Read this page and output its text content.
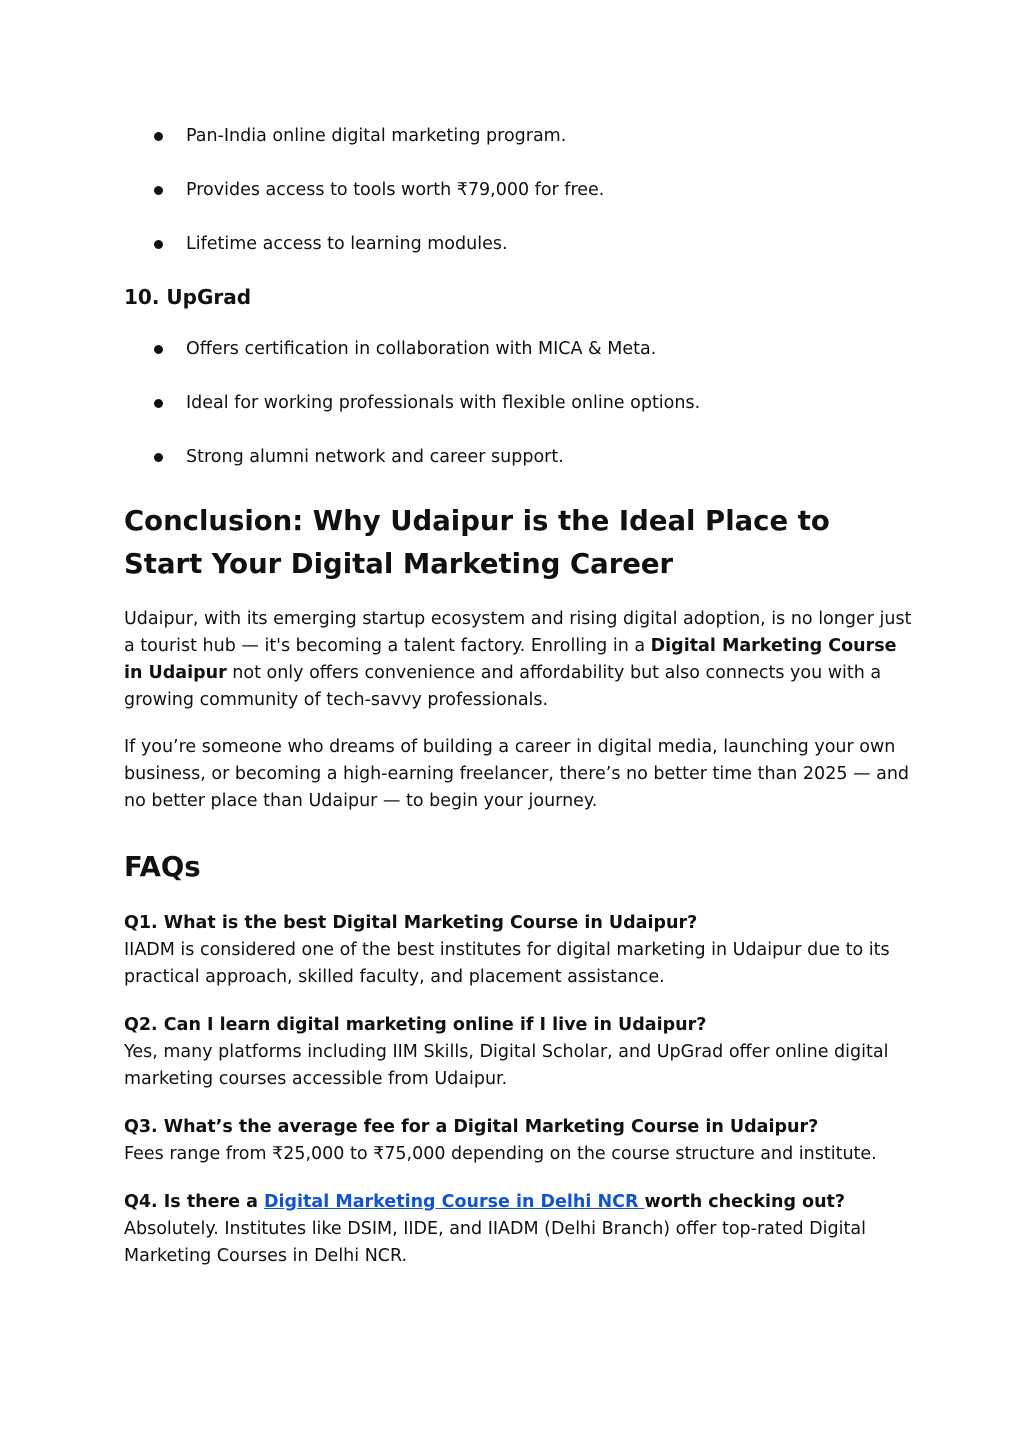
Pan-India online digital marketing program.
Provides access to tools worth ₹79,000 for free.
Lifetime access to learning modules.
10. UpGrad
Offers certification in collaboration with MICA & Meta.
Ideal for working professionals with flexible online options.
Strong alumni network and career support.
Conclusion: Why Udaipur is the Ideal Place to Start Your Digital Marketing Career

Udaipur, with its emerging startup ecosystem and rising digital adoption, is no longer just a tourist hub — it's becoming a talent factory. Enrolling in a Digital Marketing Course in Udaipur not only offers convenience and affordability but also connects you with a growing community of tech-savvy professionals.

If you’re someone who dreams of building a career in digital media, launching your own business, or becoming a high-earning freelancer, there’s no better time than 2025 — and no better place than Udaipur — to begin your journey.

FAQs
Q1. What is the best Digital Marketing Course in Udaipur?
IIADM is considered one of the best institutes for digital marketing in Udaipur due to its practical approach, skilled faculty, and placement assistance.
Q2. Can I learn digital marketing online if I live in Udaipur?
Yes, many platforms including IIM Skills, Digital Scholar, and UpGrad offer online digital marketing courses accessible from Udaipur.
Q3. What’s the average fee for a Digital Marketing Course in Udaipur?
Fees range from ₹25,000 to ₹75,000 depending on the course structure and institute.
Q4. Is there a Digital Marketing Course in Delhi NCR worth checking out?
Absolutely. Institutes like DSIM, IIDE, and IIADM (Delhi Branch) offer top-rated Digital Marketing Courses in Delhi NCR.
